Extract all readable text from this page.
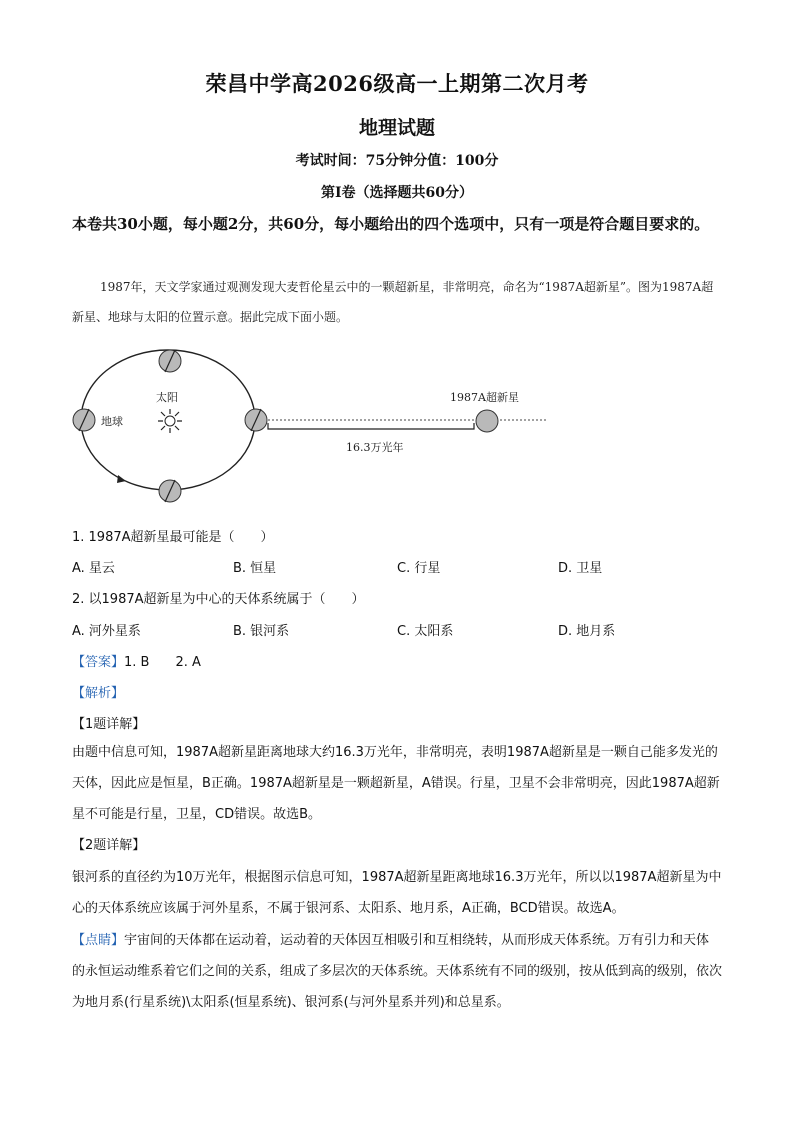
荣昌中学高2026级高一上期第二次月考
地理试题
考试时间：75分钟分值：100分
第Ⅰ卷（选择题共60分）
本卷共30小题，每小题2分，共60分，每小题给出的四个选项中，只有一项是符合题目要求的。
1987年，天文学家通过观测发现大麦哲伦星云中的一颗超新星，非常明亮，命名为“1987A超新星”。图为1987A超新星、地球与太阳的位置示意。据此完成下面小题。
16.3万光年
太阳
地球
1987A超新星
1. 1987A超新星最可能是（　　）
A. 星云	B. 恒星	C. 行星	D. 卫星
2. 以1987A超新星为中心的天体系统属于（　　）
A. 河外星系	B. 银河系	C. 太阳系	D. 地月系
【答案】1. B　　2. A
【解析】
【1题详解】
由题中信息可知，1987A超新星距离地球大约16.3万光年，非常明亮，表明1987A超新星是一颗自己能多发光的天体，因此应是恒星，B正确。1987A超新星是一颗超新星，A错误。行星，卫星不会非常明亮，因此1987A超新星不可能是行星，卫星，CD错误。故选B。
【2题详解】
银河系的直径约为10万光年，根据图示信息可知，1987A超新星距离地球16.3万光年，所以以1987A超新星为中心的天体系统应该属于河外星系，不属于银河系、太阳系、地月系，A正确，BCD错误。故选A。
【点睛】宇宙间的天体都在运动着，运动着的天体因互相吸引和互相绕转，从而形成天体系统。万有引力和天体的永恒运动维系着它们之间的关系，组成了多层次的天体系统。天体系统有不同的级别，按从低到高的级别，依次为地月系(行星系统)\太阳系(恒星系统)、银河系(与河外星系并列)和总星系。
